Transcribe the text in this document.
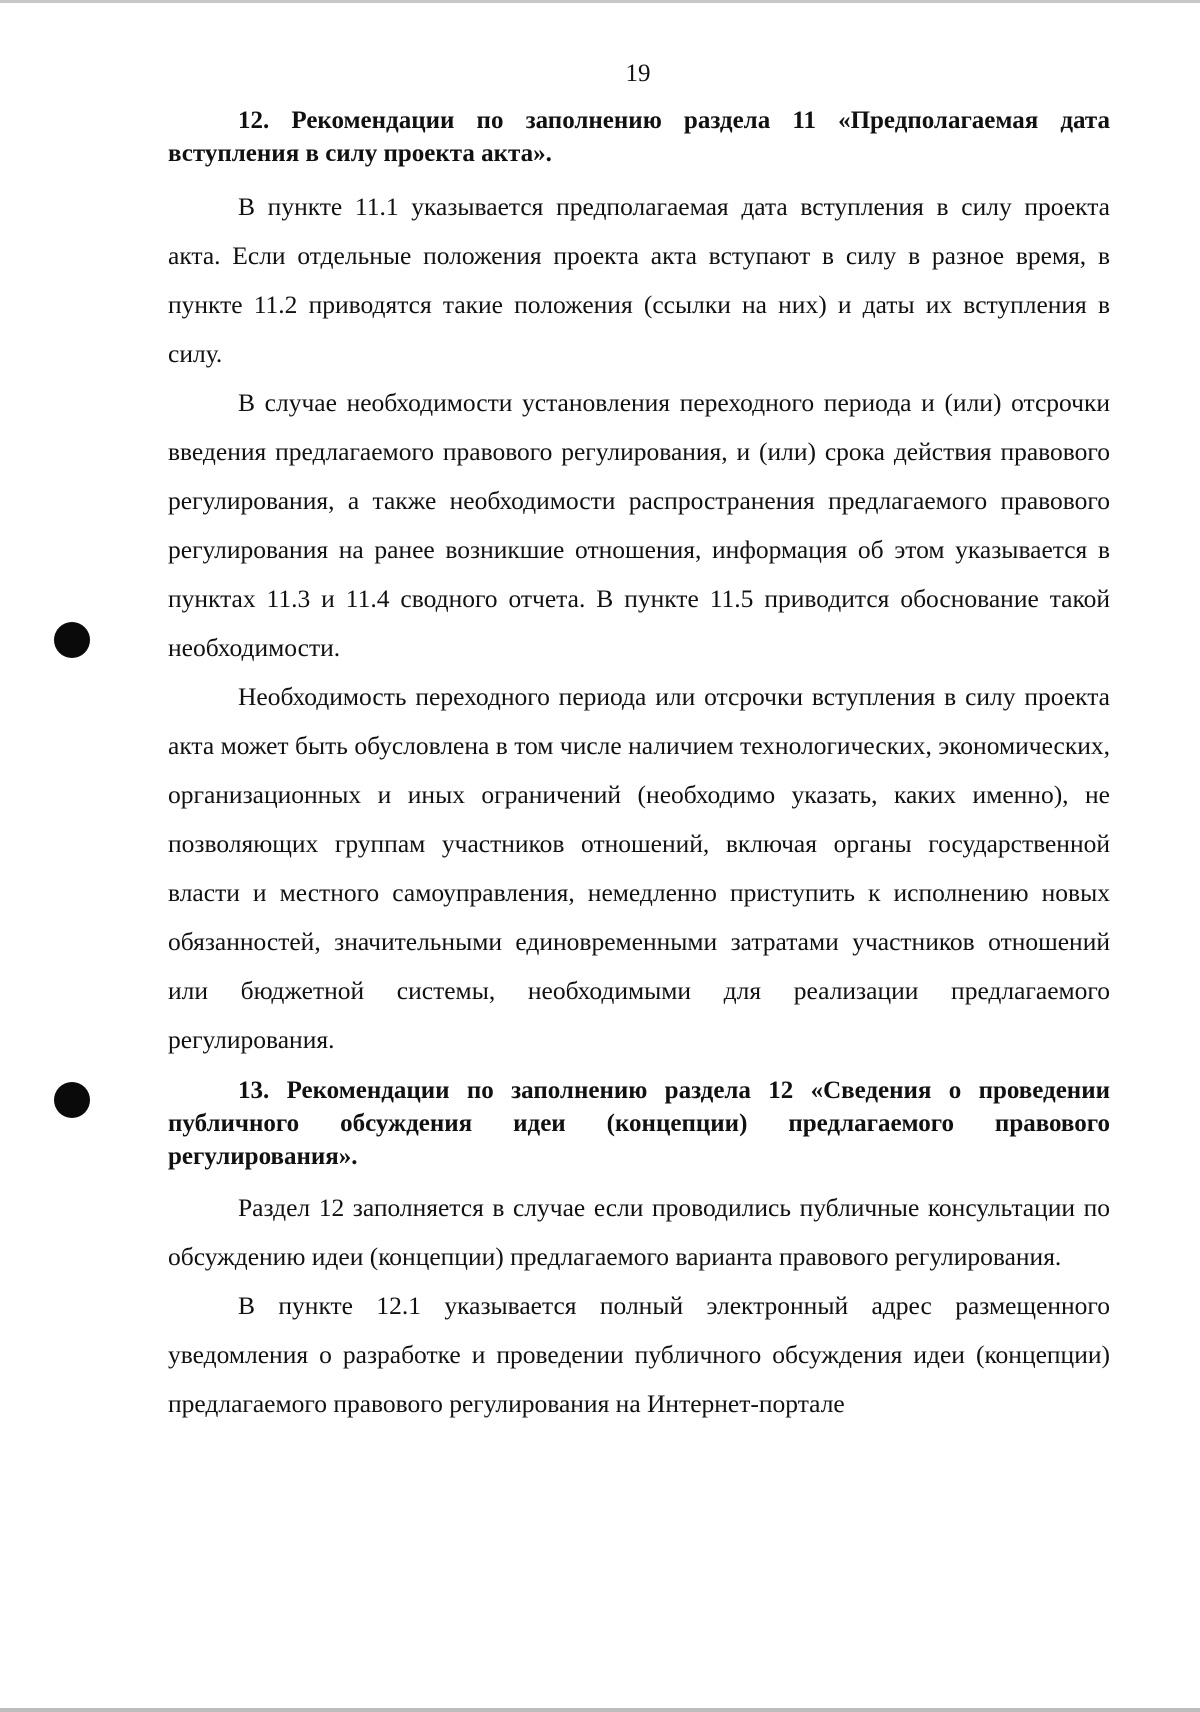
19

12. Рекомендации по заполнению раздела 11 «Предполагаемая дата вступления в силу проекта акта».

В пункте 11.1 указывается предполагаемая дата вступления в силу проекта акта. Если отдельные положения проекта акта вступают в силу в разное время, в пункте 11.2 приводятся такие положения (ссылки на них) и даты их вступления в силу.

В случае необходимости установления переходного периода и (или) отсрочки введения предлагаемого правового регулирования, и (или) срока действия правового регулирования, а также необходимости распространения предлагаемого правового регулирования на ранее возникшие отношения, информация об этом указывается в пунктах 11.3 и 11.4 сводного отчета. В пункте 11.5 приводится обоснование такой необходимости.

Необходимость переходного периода или отсрочки вступления в силу проекта акта может быть обусловлена в том числе наличием технологических, экономических, организационных и иных ограничений (необходимо указать, каких именно), не позволяющих группам участников отношений, включая органы государственной власти и местного самоуправления, немедленно приступить к исполнению новых обязанностей, значительными единовременными затратами участников отношений или бюджетной системы, необходимыми для реализации предлагаемого регулирования.

13. Рекомендации по заполнению раздела 12 «Сведения о проведении публичного обсуждения идеи (концепции) предлагаемого правового регулирования».

Раздел 12 заполняется в случае если проводились публичные консультации по обсуждению идеи (концепции) предлагаемого варианта правового регулирования.

В пункте 12.1 указывается полный электронный адрес размещенного уведомления о разработке и проведении публичного обсуждения идеи (концепции) предлагаемого правового регулирования на Интернет-портале
